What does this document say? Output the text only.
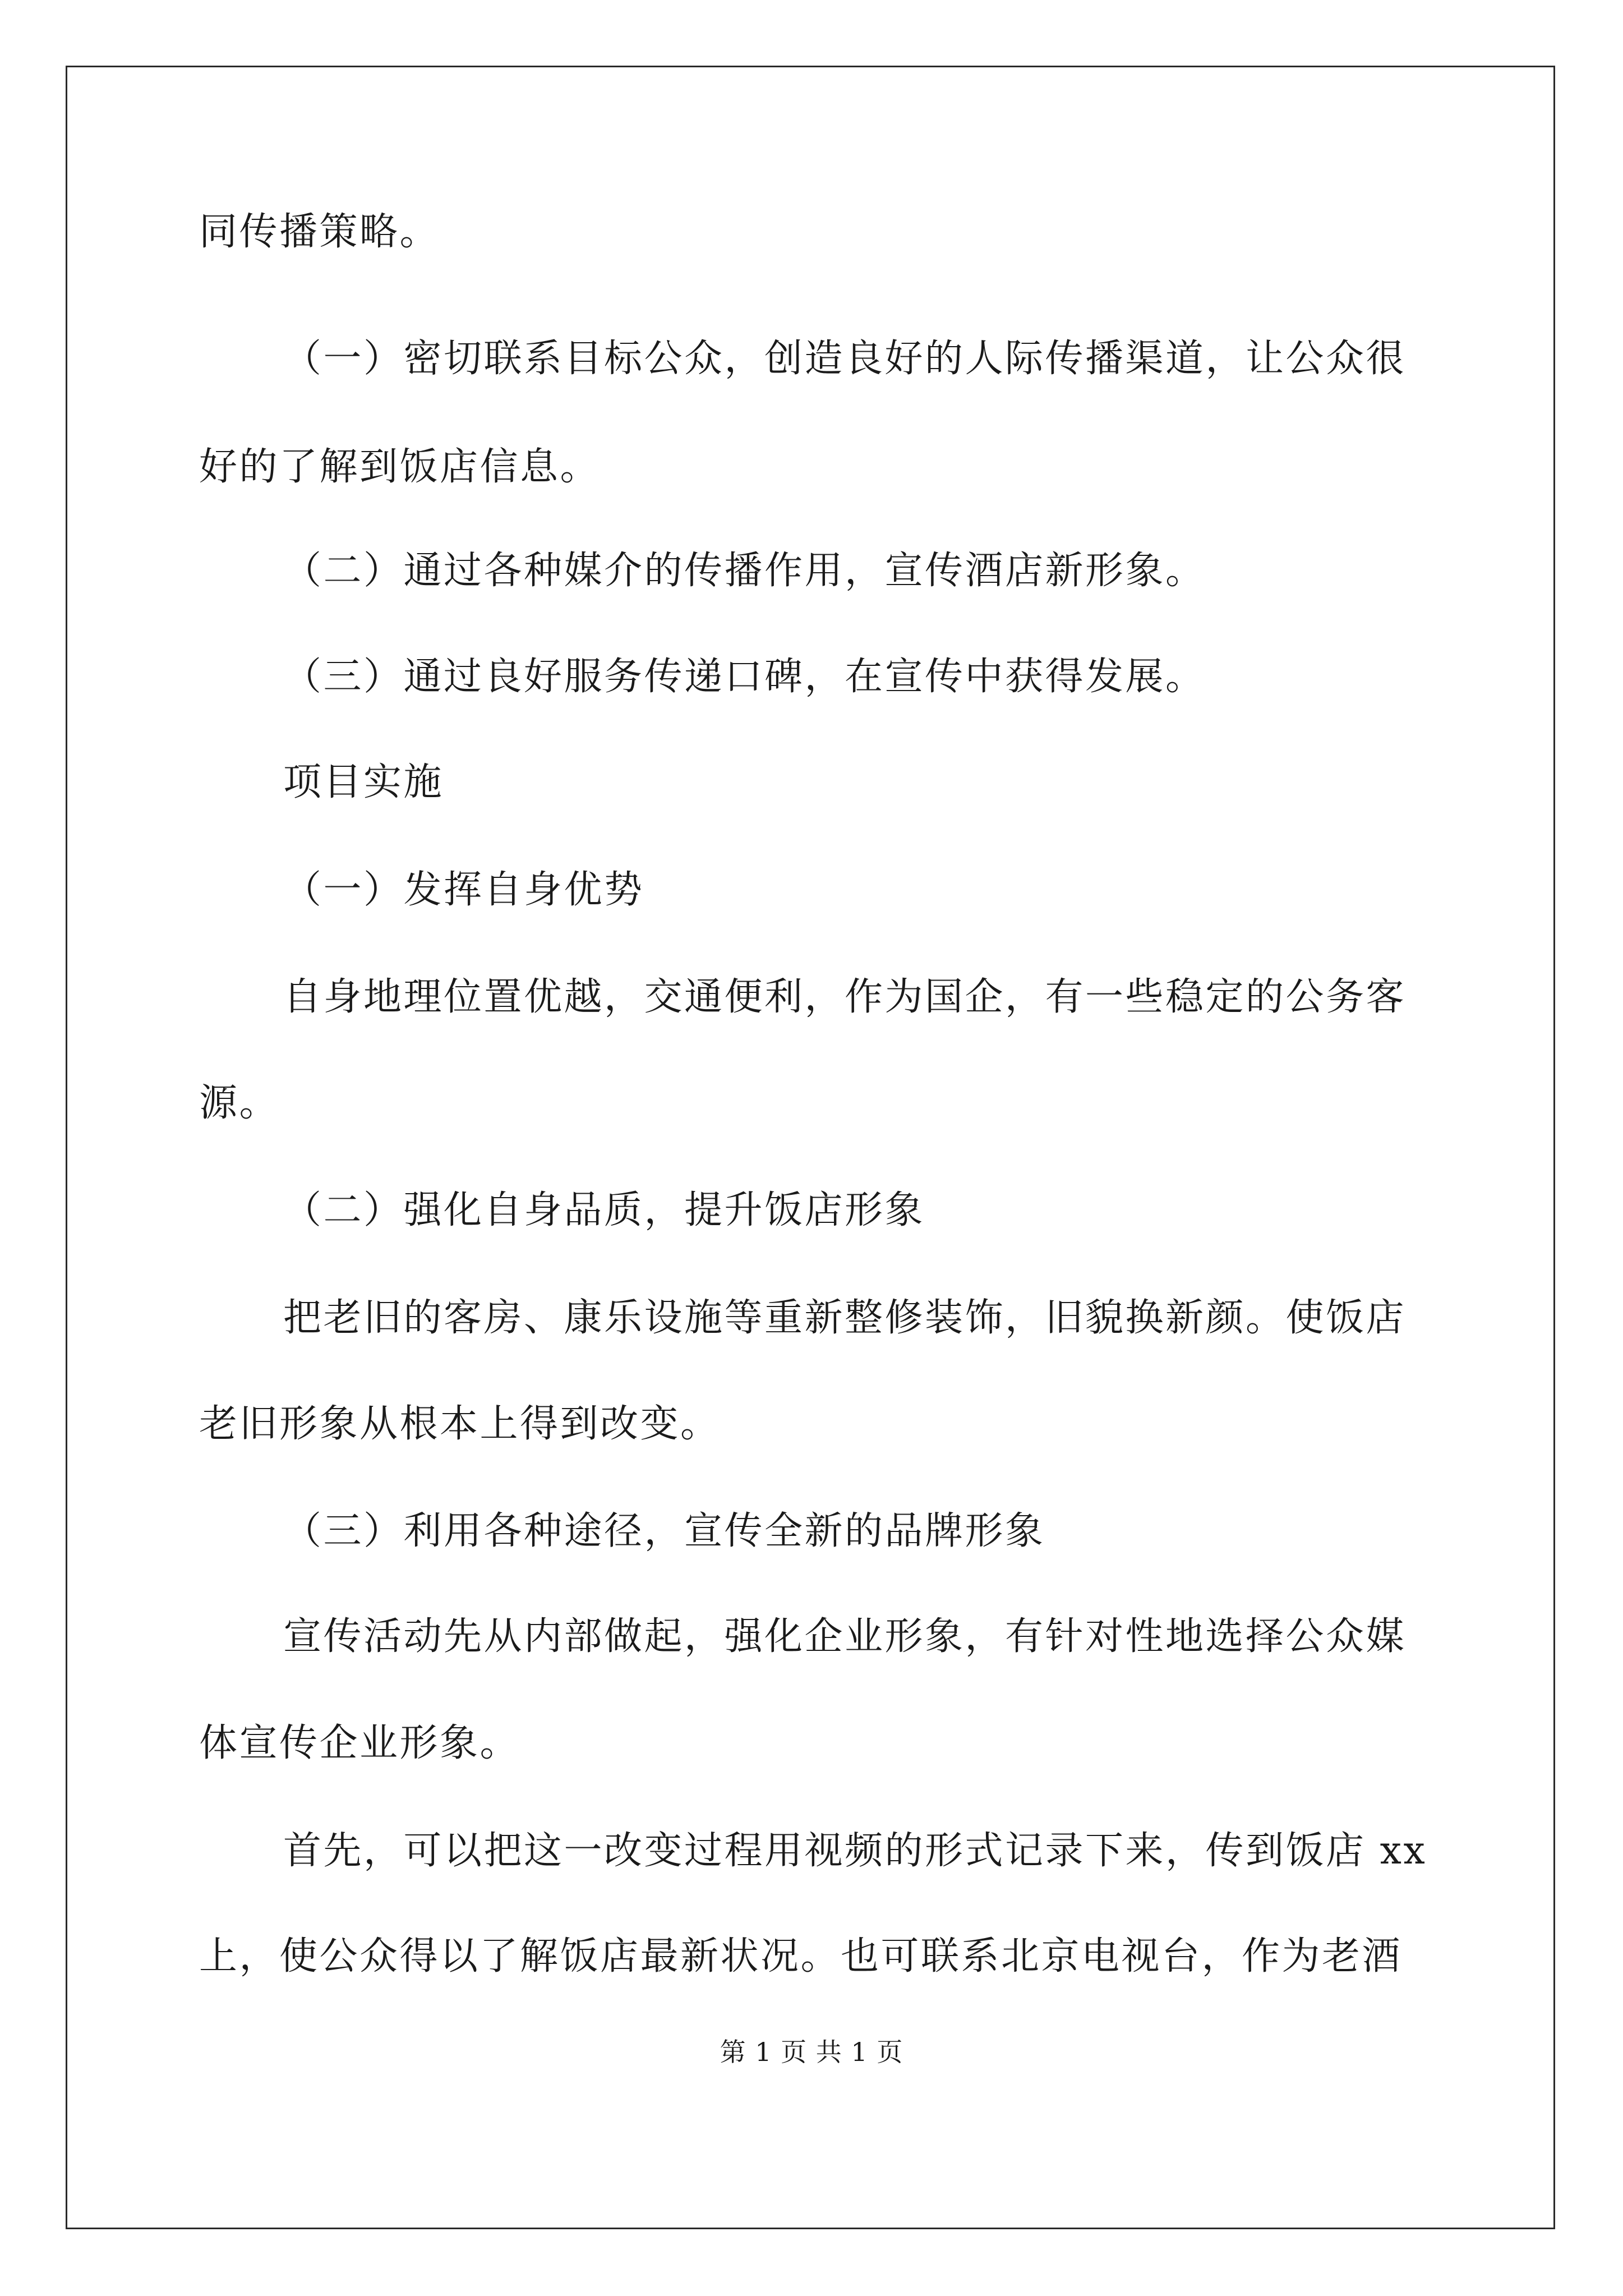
同传播策略。
（一）密切联系目标公众，创造良好的人际传播渠道，让公众很
好的了解到饭店信息。
（二）通过各种媒介的传播作用，宣传酒店新形象。
（三）通过良好服务传递口碑，在宣传中获得发展。
项目实施
（一）发挥自身优势
自身地理位置优越，交通便利，作为国企，有一些稳定的公务客
源。
（二）强化自身品质，提升饭店形象
把老旧的客房、康乐设施等重新整修装饰，旧貌换新颜。使饭店
老旧形象从根本上得到改变。
（三）利用各种途径，宣传全新的品牌形象
宣传活动先从内部做起，强化企业形象，有针对性地选择公众媒
体宣传企业形象。
首先，可以把这一改变过程用视频的形式记录下来，传到饭店 xx
上，使公众得以了解饭店最新状况。也可联系北京电视台，作为老酒
第 1 页 共 1 页
